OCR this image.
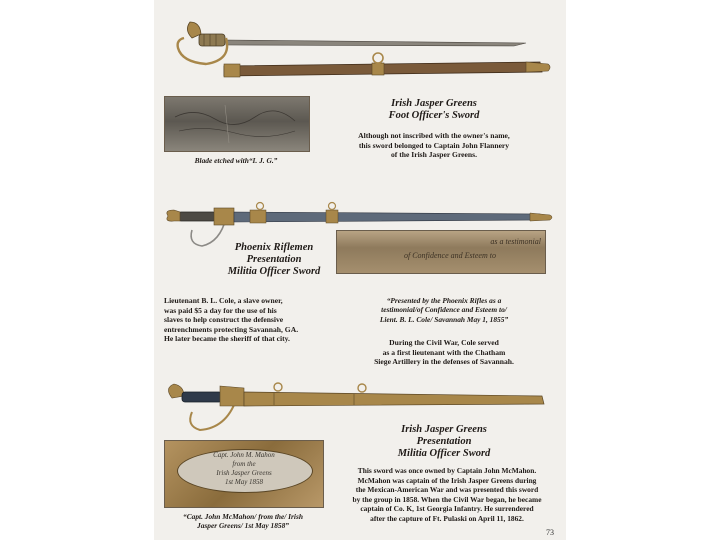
Blade etched with“I. J. G.”
Irish Jasper Greens
Foot Officer's Sword
Although not inscribed with the owner's name,
this sword belonged to Captain John Flannery
of the Irish Jasper Greens.
as a testimonial
of Confidence and Esteem to
Phoenix Riflemen
Presentation
Militia Officer Sword
Lieutenant B. L. Cole, a slave owner,
was paid $5 a day for the use of his
slaves to help construct the defensive
entrenchments protecting Savannah, GA.
He later became the sheriff of that city.
“Presented by the Phoenix Rifles as a
testimonial/of Confidence and Esteem to/
Lient. B. L. Cole/ Savannah May 1, 1855”
During the Civil War, Cole served
as a first lieutenant with the Chatham
Siege Artillery in the defenses of Savannah.
Capt. John M. Mahon
from the
Irish Jasper Greens
1st May 1858
“Capt. John McMahon/ from the/ Irish
Jasper Greens/ 1st May 1858”
Irish Jasper Greens
Presentation
Militia Officer Sword
This sword was once owned by Captain John McMahon.
McMahon was captain of the Irish Jasper Greens during
the Mexican-American War and was presented this sword
by the group in 1858. When the Civil War began, he became
captain of Co. K, 1st Georgia Infantry. He surrendered
after the capture of Ft. Pulaski on April 11, 1862.
73
